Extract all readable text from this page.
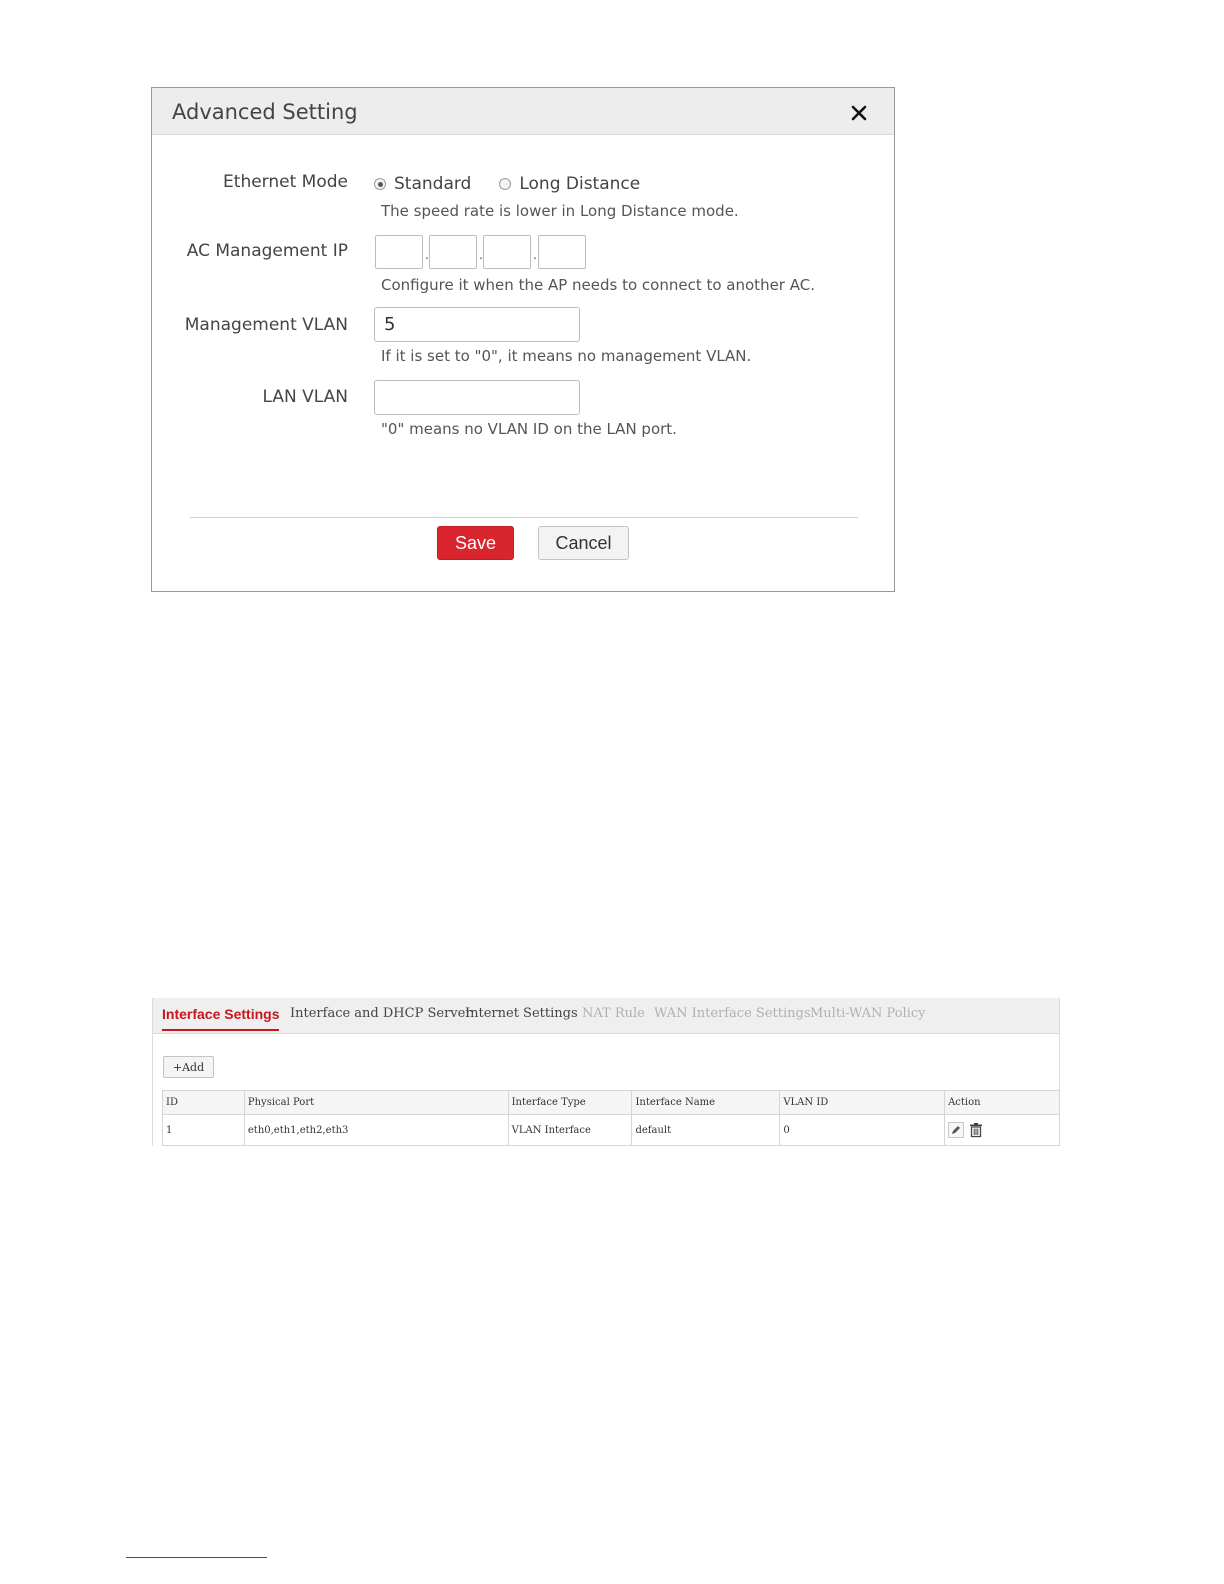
Advanced Setting
Ethernet Mode	Standard	Long Distance
The speed rate is lower in Long Distance mode.
AC Management IP	.	.	.
Configure it when the AP needs to connect to another AC.
Management VLAN
5
If it is set to "0", it means no management VLAN.
LAN VLAN
"0" means no VLAN ID on the LAN port.
Save	Cancel
Interface Settings Interface and DHCP Server
Internet Settings NAT Rule WAN Interface Settings Multi-WAN Policy
+Add
ID	Physical Port	Interface Type	Interface Name	VLAN ID	Action
1	eth0,eth1,eth2,eth3	VLAN Interface	default	0	
